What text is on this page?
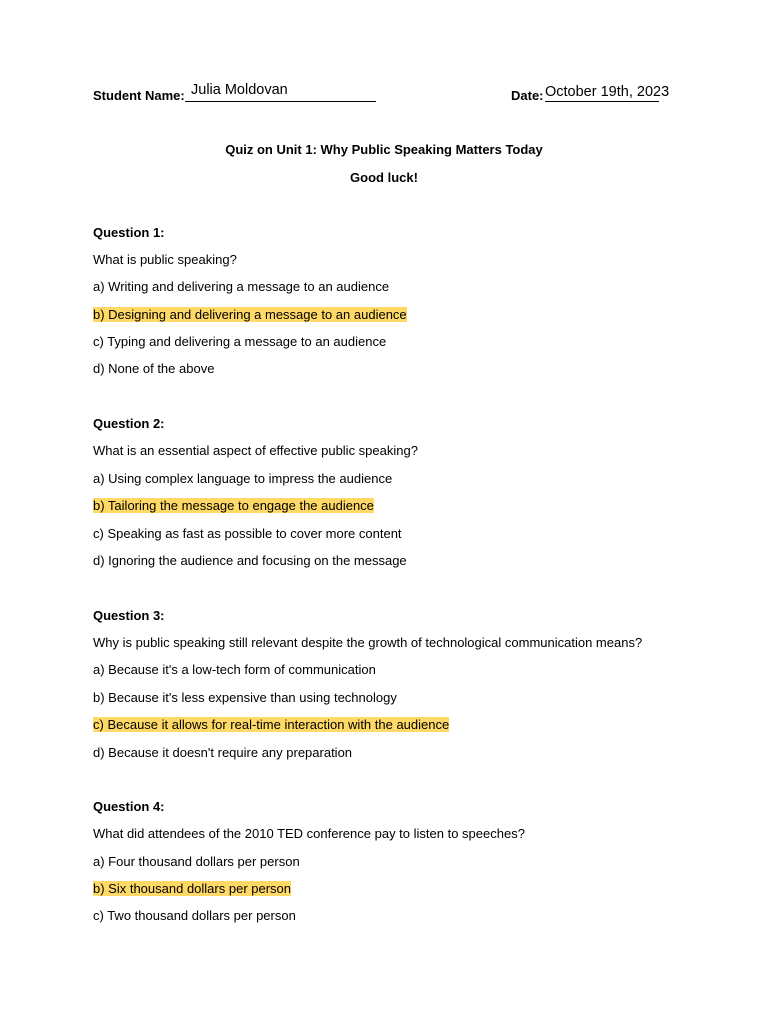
Student Name: Julia Moldovan	Date: October 19th, 2023
Quiz on Unit 1: Why Public Speaking Matters Today
Good luck!
Question 1:
What is public speaking?
a) Writing and delivering a message to an audience
b) Designing and delivering a message to an audience
c) Typing and delivering a message to an audience
d) None of the above
Question 2:
What is an essential aspect of effective public speaking?
a) Using complex language to impress the audience
b) Tailoring the message to engage the audience
c) Speaking as fast as possible to cover more content
d) Ignoring the audience and focusing on the message
Question 3:
Why is public speaking still relevant despite the growth of technological communication means?
a) Because it's a low-tech form of communication
b) Because it's less expensive than using technology
c) Because it allows for real-time interaction with the audience
d) Because it doesn't require any preparation
Question 4:
What did attendees of the 2010 TED conference pay to listen to speeches?
a) Four thousand dollars per person
b) Six thousand dollars per person
c) Two thousand dollars per person
